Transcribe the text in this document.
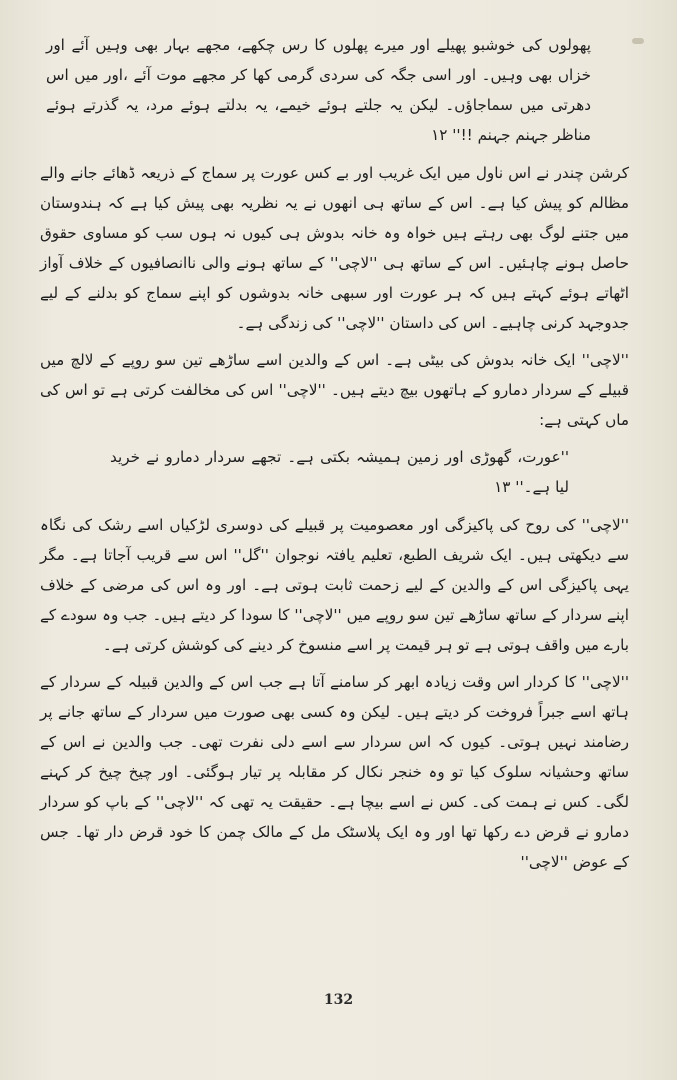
پھولوں کی خوشبو پھیلے اور میرے پھلوں کا رس چکھے، مجھے بہار بھی وہیں آئے اور خزاں بھی وہیں۔ اور اسی جگہ کی سردی گرمی کھا کر مجھے موت آئے ،اور میں اس دھرتی میں سماجاؤں۔ لیکن یہ جلتے ہوئے خیمے، یہ بدلتے ہوئے مرد، یہ گذرتے ہوئے مناظر جہنم جہنم !!'' ۱۲

کرشن چندر نے اس ناول میں ایک غریب اور بے کس عورت پر سماج کے ذریعہ ڈھائے جانے والے مظالم کو پیش کیا ہے۔ اس کے ساتھ ہی انھوں نے یہ نظریہ بھی پیش کیا ہے کہ ہندوستان میں جتنے لوگ بھی رہتے ہیں خواہ وہ خانہ بدوش ہی کیوں نہ ہوں سب کو مساوی حقوق حاصل ہونے چاہئیں۔ اس کے ساتھ ہی ''لاچی'' کے ساتھ ہونے والی ناانصافیوں کے خلاف آواز اٹھاتے ہوئے کہتے ہیں کہ ہر عورت اور سبھی خانہ بدوشوں کو اپنے سماج کو بدلنے کے لیے جدوجہد کرنی چاہیے۔ اس کی داستان ''لاچی'' کی زندگی ہے۔

''لاچی'' ایک خانہ بدوش کی بیٹی ہے۔ اس کے والدین اسے ساڑھے تین سو روپے کے لالچ میں قبیلے کے سردار دمارو کے ہاتھوں بیچ دیتے ہیں۔ ''لاچی'' اس کی مخالفت کرتی ہے تو اس کی ماں کہتی ہے:

''عورت، گھوڑی اور زمین ہمیشہ بکتی ہے۔ تجھے سردار دمارو نے خرید لیا ہے۔'' ۱۳

''لاچی'' کی روح کی پاکیزگی اور معصومیت پر قبیلے کی دوسری لڑکیاں اسے رشک کی نگاہ سے دیکھتی ہیں۔ ایک شریف الطبع، تعلیم یافتہ نوجوان ''گل'' اس سے قریب آجاتا ہے۔ مگر یہی پاکیزگی اس کے والدین کے لیے زحمت ثابت ہوتی ہے۔ اور وہ اس کی مرضی کے خلاف اپنے سردار کے ساتھ ساڑھے تین سو روپے میں ''لاچی'' کا سودا کر دیتے ہیں۔ جب وہ سودے کے بارے میں واقف ہوتی ہے تو ہر قیمت پر اسے منسوخ کر دینے کی کوشش کرتی ہے۔

''لاچی'' کا کردار اس وقت زیادہ ابھر کر سامنے آتا ہے جب اس کے والدین قبیلہ کے سردار کے ہاتھ اسے جبراً فروخت کر دیتے ہیں۔ لیکن وہ کسی بھی صورت میں سردار کے ساتھ جانے پر رضامند نہیں ہوتی۔ کیوں کہ اس سردار سے اسے دلی نفرت تھی۔ جب والدین نے اس کے ساتھ وحشیانہ سلوک کیا تو وہ خنجر نکال کر مقابلہ پر تیار ہوگئی۔ اور چیخ چیخ کر کہنے لگی۔ کس نے ہمت کی۔ کس نے اسے بیچا ہے۔ حقیقت یہ تھی کہ ''لاچی'' کے باپ کو سردار دمارو نے قرض دے رکھا تھا اور وہ ایک پلاسٹک مل کے مالک چمن کا خود قرض دار تھا۔ جس کے عوض ''لاچی''

132
